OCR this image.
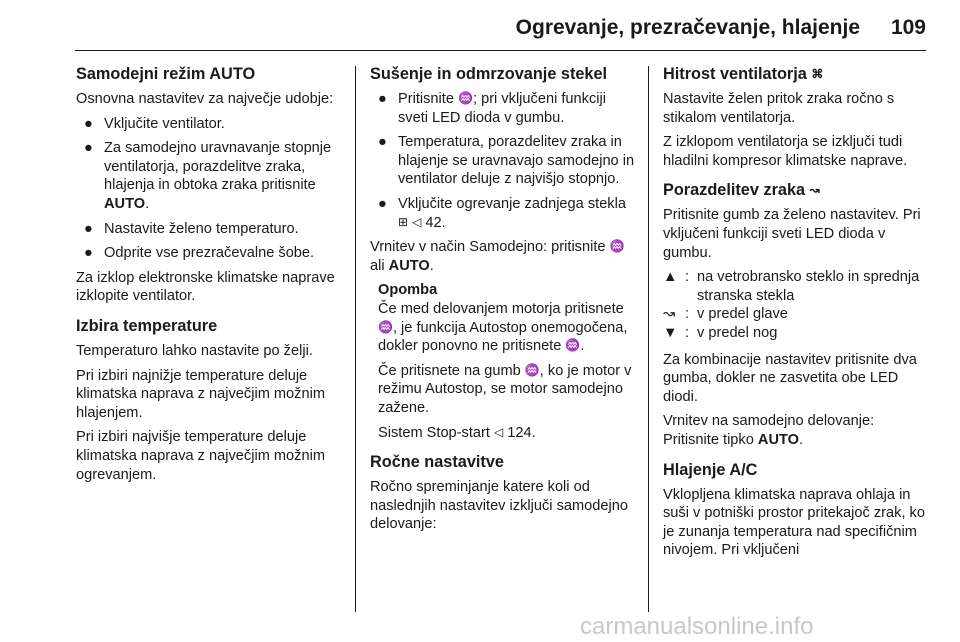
Ogrevanje, prezračevanje, hlajenje 109
Samodejni režim AUTO

Osnovna nastavitev za največje udobje:

● Vključite ventilator.
● Za samodejno uravnavanje stopnje ventilatorja, porazdelitve zraka, hlajenja in obtoka zraka pritisnite AUTO.
● Nastavite želeno temperaturo.
● Odprite vse prezračevalne šobe.

Za izklop elektronske klimatske naprave izklopite ventilator.

Izbira temperature

Temperaturo lahko nastavite po želji.

Pri izbiri najnižje temperature deluje klimatska naprava z največjim možnim hlajenjem.

Pri izbiri najvišje temperature deluje klimatska naprava z največjim možnim ogrevanjem.

Sušenje in odmrzovanje stekel
● Pritisnite ♒; pri vključeni funkciji sveti LED dioda v gumbu.
● Temperatura, porazdelitev zraka in hlajenje se uravnavajo samodejno in ventilator deluje z najvišjo stopnjo.
● Vključite ogrevanje zadnjega stekla ⊞ ◁ 42.

Vrnitev v način Samodejno: pritisnite ♒ ali AUTO.

Opomba

Če med delovanjem motorja pritisnete ♒, je funkcija Autostop onemogočena, dokler ponovno ne pritisnete ♒.

Če pritisnete na gumb ♒, ko je motor v režimu Autostop, se motor samodejno zažene.

Sistem Stop-start ◁ 124.

Ročne nastavitve

Ročno spreminjanje katere koli od naslednjih nastavitev izključi samodejno delovanje:

Hitrost ventilatorja ⌘

Nastavite želen pritok zraka ročno s stikalom ventilatorja.

Z izklopom ventilatorja se izključi tudi hladilni kompresor klimatske naprave.

Porazdelitev zraka ↝

Pritisnite gumb za želeno nastavitev. Pri vključeni funkciji sveti LED dioda v gumbu.

▲ : na vetrobransko steklo in sprednja stranska stekla
↝ : v predel glave
▼ : v predel nog

Za kombinacije nastavitev pritisnite dva gumba, dokler ne zasvetita obe LED diodi.

Vrnitev na samodejno delovanje: Pritisnite tipko AUTO.

Hlajenje A/C

Vklopljena klimatska naprava ohlaja in suši v potniški prostor pritekajoč zrak, ko je zunanja temperatura nad specifičnim nivojem. Pri vključeni

carmanualsonline.info
